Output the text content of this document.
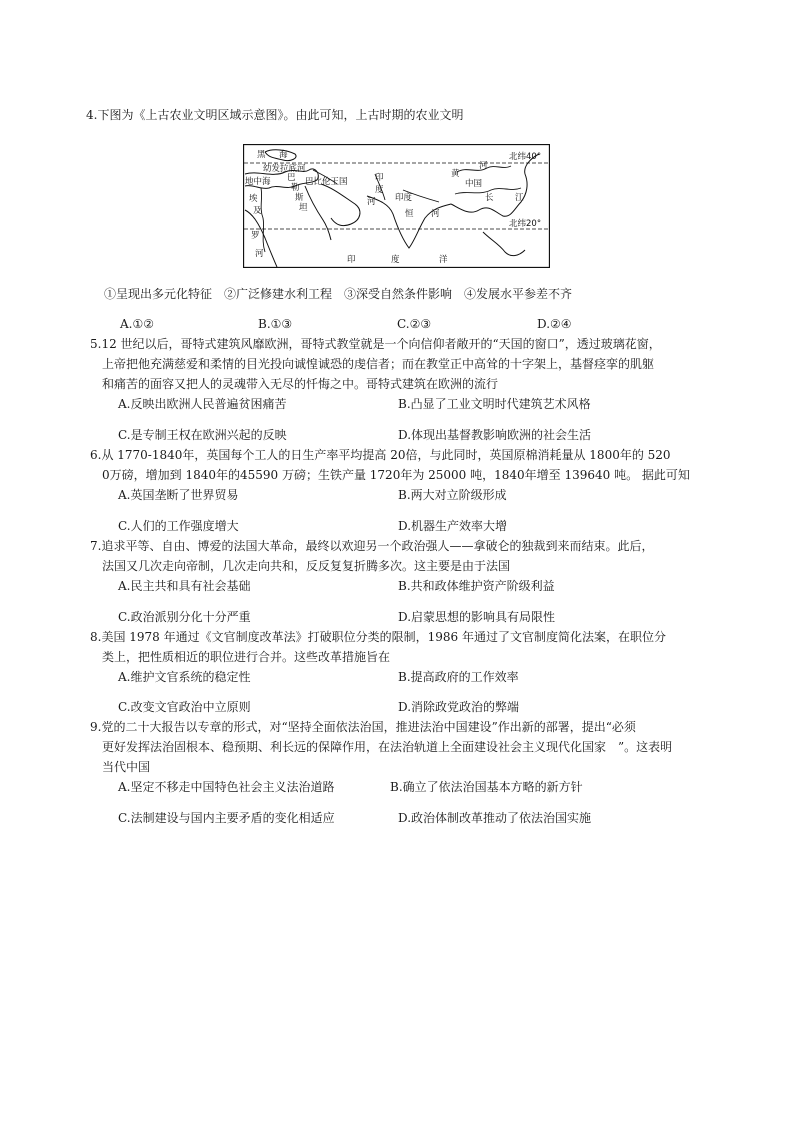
4.下图为《上古农业文明区域示意图》。由此可知，上古时期的农业文明
黑 海
幼发拉底河
地中海
埃
及
罗
河
巴
勒
斯
坦
巴比伦王国	印
度
河 印度
恒 河
印	度	洋
黄
河
中国
长	江
北纬40°
北纬20°
①呈现出多元化特征　②广泛修建水利工程　③深受自然条件影响　④发展水平参差不齐
A.①②	B.①③	C.②③	D.②④
5.12 世纪以后，哥特式建筑风靡欧洲，哥特式教堂就是一个向信仰者敞开的“天国的窗口”，透过玻璃花窗，
上帝把他充满慈爱和柔情的目光投向诚惶诚恐的虔信者；而在教堂正中高耸的十字架上，基督痉挛的肌躯
和痛苦的面容又把人的灵魂带入无尽的忏悔之中。哥特式建筑在欧洲的流行
A.反映出欧洲人民普遍贫困痛苦	B.凸显了工业文明时代建筑艺术风格
C.是专制王权在欧洲兴起的反映	D.体现出基督教影响欧洲的社会生活
6.从 1770-1840年，英国每个工人的日生产率平均提高 20倍，与此同时，英国原棉消耗量从 1800年的 520
0万磅，增加到 1840年的45590 万磅；生铁产量 1720年为 25000 吨，1840年增至 139640 吨。 据此可知
A.英国垄断了世界贸易	B.两大对立阶级形成
C.人们的工作强度增大	D.机器生产效率大增
7.追求平等、自由、博爱的法国大革命，最终以欢迎另一个政治强人——拿破仑的独裁到来而结束。此后，
法国又几次走向帝制，几次走向共和，反反复复折腾多次。这主要是由于法国
A.民主共和具有社会基础	B.共和政体维护资产阶级利益
C.政治派别分化十分严重	D.启蒙思想的影响具有局限性
8.美国 1978 年通过《文官制度改革法》打破职位分类的限制，1986 年通过了文官制度简化法案，在职位分
类上，把性质相近的职位进行合并。这些改革措施旨在
A.维护文官系统的稳定性	B.提高政府的工作效率
C.改变文官政治中立原则	D.消除政党政治的弊端
9.党的二十大报告以专章的形式，对“坚持全面依法治国，推进法治中国建设”作出新的部署，提出“必须
更好发挥法治固根本、稳预期、利长远的保障作用，在法治轨道上全面建设社会主义现代化国家　”。这表明
当代中国
A.坚定不移走中国特色社会主义法治道路	B.确立了依法治国基本方略的新方针
C.法制建设与国内主要矛盾的变化相适应	D.政治体制改革推动了依法治国实施
